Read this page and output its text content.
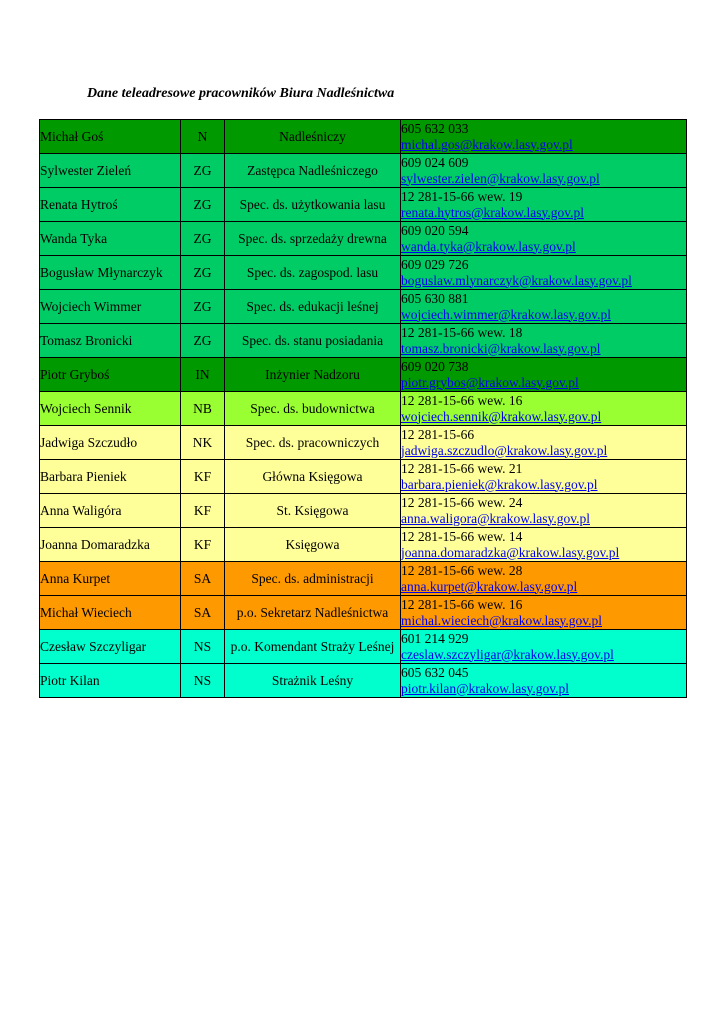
Dane teleadresowe pracowników Biura Nadleśnictwa
Michał Goś	N	Nadleśniczy	605 632 033
michal.gos@krakow.lasy.gov.pl

Sylwester Zieleń	ZG	Zastępca Nadleśniczego	609 024 609
sylwester.zielen@krakow.lasy.gov.pl

Renata Hytroś	ZG	Spec. ds. użytkowania lasu	12 281-15-66 wew. 19
renata.hytros@krakow.lasy.gov.pl

Wanda Tyka	ZG	Spec. ds. sprzedaży drewna	609 020 594
wanda.tyka@krakow.lasy.gov.pl

Bogusław Młynarczyk	ZG	Spec. ds. zagospod. lasu	609 029 726
boguslaw.mlynarczyk@krakow.lasy.gov.pl

Wojciech Wimmer	ZG	Spec. ds. edukacji leśnej	605 630 881
wojciech.wimmer@krakow.lasy.gov.pl

Tomasz Bronicki	ZG	Spec. ds. stanu posiadania	12 281-15-66 wew. 18
tomasz.bronicki@krakow.lasy.gov.pl

Piotr Gryboś	IN	Inżynier Nadzoru	609 020 738
piotr.grybos@krakow.lasy.gov.pl

Wojciech Sennik	NB	Spec. ds. budownictwa	12 281-15-66 wew. 16
wojciech.sennik@krakow.lasy.gov.pl

Jadwiga Szczudło	NK	Spec. ds. pracowniczych	12 281-15-66
jadwiga.szczudlo@krakow.lasy.gov.pl

Barbara Pieniek	KF	Główna Księgowa	12 281-15-66 wew. 21
barbara.pieniek@krakow.lasy.gov.pl

Anna Waligóra	KF	St. Księgowa	12 281-15-66 wew. 24
anna.waligora@krakow.lasy.gov.pl

Joanna Domaradzka	KF	Księgowa	12 281-15-66 wew. 14
joanna.domaradzka@krakow.lasy.gov.pl

Anna Kurpet	SA	Spec. ds. administracji	12 281-15-66 wew. 28
anna.kurpet@krakow.lasy.gov.pl

Michał Wieciech	SA	p.o. Sekretarz Nadleśnictwa	12 281-15-66 wew. 16
michal.wieciech@krakow.lasy.gov.pl

Czesław Szczyligar	NS	p.o. Komendant Straży Leśnej	601 214 929
czeslaw.szczyligar@krakow.lasy.gov.pl

Piotr Kilan	NS	Strażnik Leśny	605 632 045
piotr.kilan@krakow.lasy.gov.pl
